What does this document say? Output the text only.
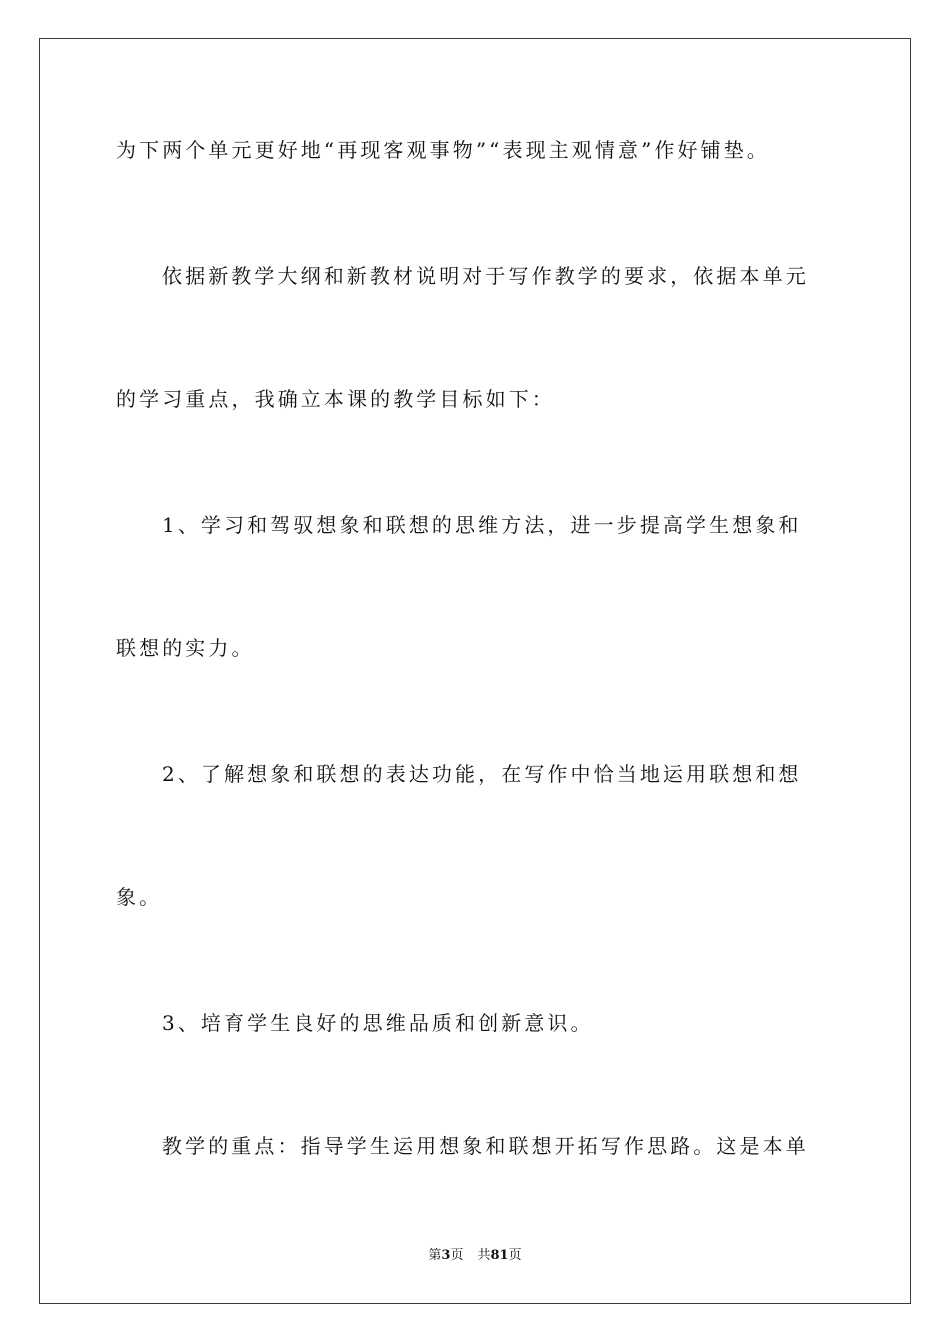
为下两个单元更好地“再现客观事物”“表现主观情意”作好铺垫。
依据新教学大纲和新教材说明对于写作教学的要求，依据本单元
的学习重点，我确立本课的教学目标如下：
1、学习和驾驭想象和联想的思维方法，进一步提高学生想象和
联想的实力。
2、了解想象和联想的表达功能，在写作中恰当地运用联想和想
象。
3、培育学生良好的思维品质和创新意识。
教学的重点：指导学生运用想象和联想开拓写作思路。这是本单
第3页 共81页
